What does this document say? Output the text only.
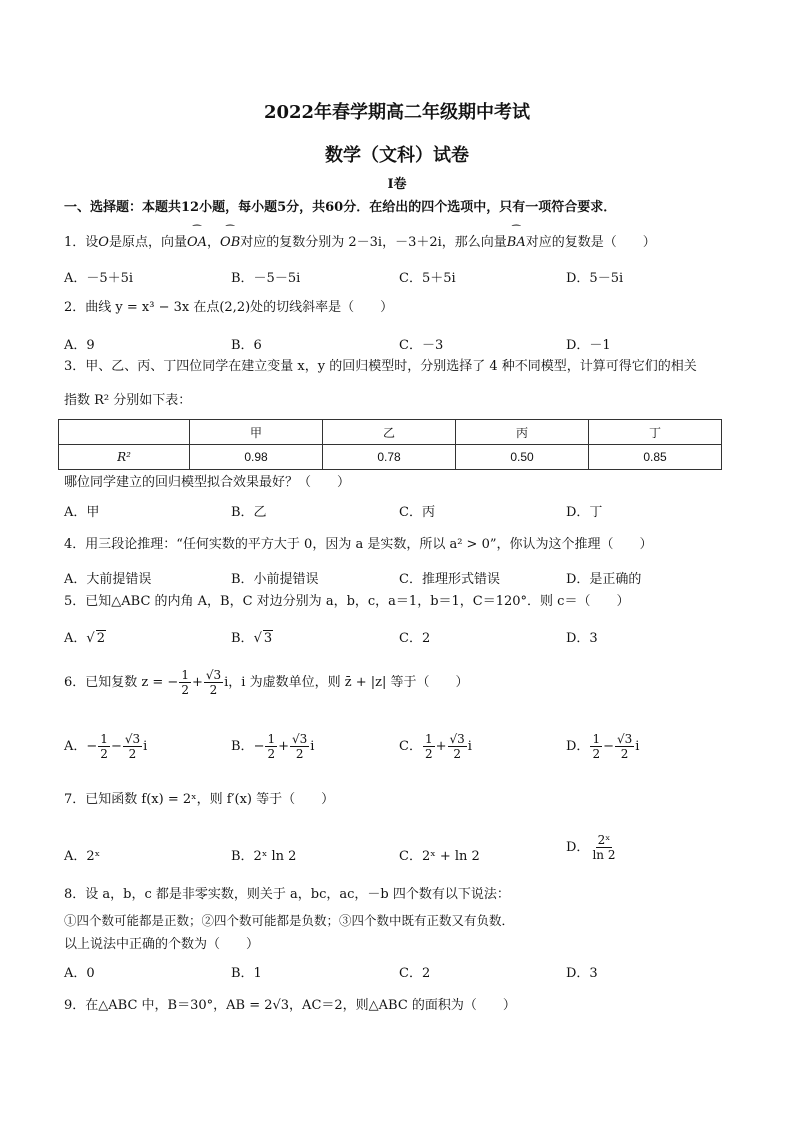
2022年春学期高二年级期中考试
数学（文科）试卷
Ⅰ卷
一、选择题：本题共12小题，每小题5分，共60分．在给出的四个选项中，只有一项符合要求．
1．设O是原点，向量⁀ OA，⁀ OB对应的复数分别为 2－3i，－3＋2i，那么向量⁀ BA对应的复数是（　　）
A．－5＋5i	B．－5－5i	C．5＋5i	D．5－5i
2．曲线 y = x³ − 3x 在点(2,2)处的切线斜率是（　　）
A．9	B．6	C．－3	D．－1
3．甲、乙、丙、丁四位同学在建立变量 x，y 的回归模型时，分别选择了 4 种不同模型，计算可得它们的相关
指数 R² 分别如下表：
	甲	乙	丙	丁
R²	0.98	0.78	0.50	0.85
哪位同学建立的回归模型拟合效果最好？（　　）
A．甲	B．乙	C．丙	D．丁
4．用三段论推理：“任何实数的平方大于 0，因为 a 是实数，所以 a² > 0”，你认为这个推理（　　）
A．大前提错误	B．小前提错误	C．推理形式错误	D．是正确的
5．已知△ABC 的内角 A，B，C 对边分别为 a，b，c，a＝1，b＝1，C＝120°．则 c＝（　　）
A．√ 2	B．√ 3	C．2	D．3
6．已知复数 z = − $\frac{1}{2} + \frac{√3}{2}$ i，i 为虚数单位，则 z̄ + |z| 等于（　　）
A．− $\frac{1}{2} - \frac{√3}{2}$ i	B．− $\frac{1}{2} + \frac{√3}{2}$ i	C． $\frac{1}{2} + \frac{√3}{2}$ i	D． $\frac{1}{2} - \frac{√3}{2}$ i
7．已知函数 f(x) = 2ˣ，则 f′(x) 等于（　　）
A．2ˣ	B．2ˣ ln 2	C．2ˣ + ln 2
D． $\frac{\text{2ˣ}}{\ln 2}$
8．设 a，b，c 都是非零实数，则关于 a，bc，ac，－b 四个数有以下说法：
①四个数可能都是正数；②四个数可能都是负数；③四个数中既有正数又有负数．
以上说法中正确的个数为（　　）
A．0	B．1	C．2	D．3
9．在△ABC 中，B＝30°，AB = 2√3，AC＝2，则△ABC 的面积为（　　）
